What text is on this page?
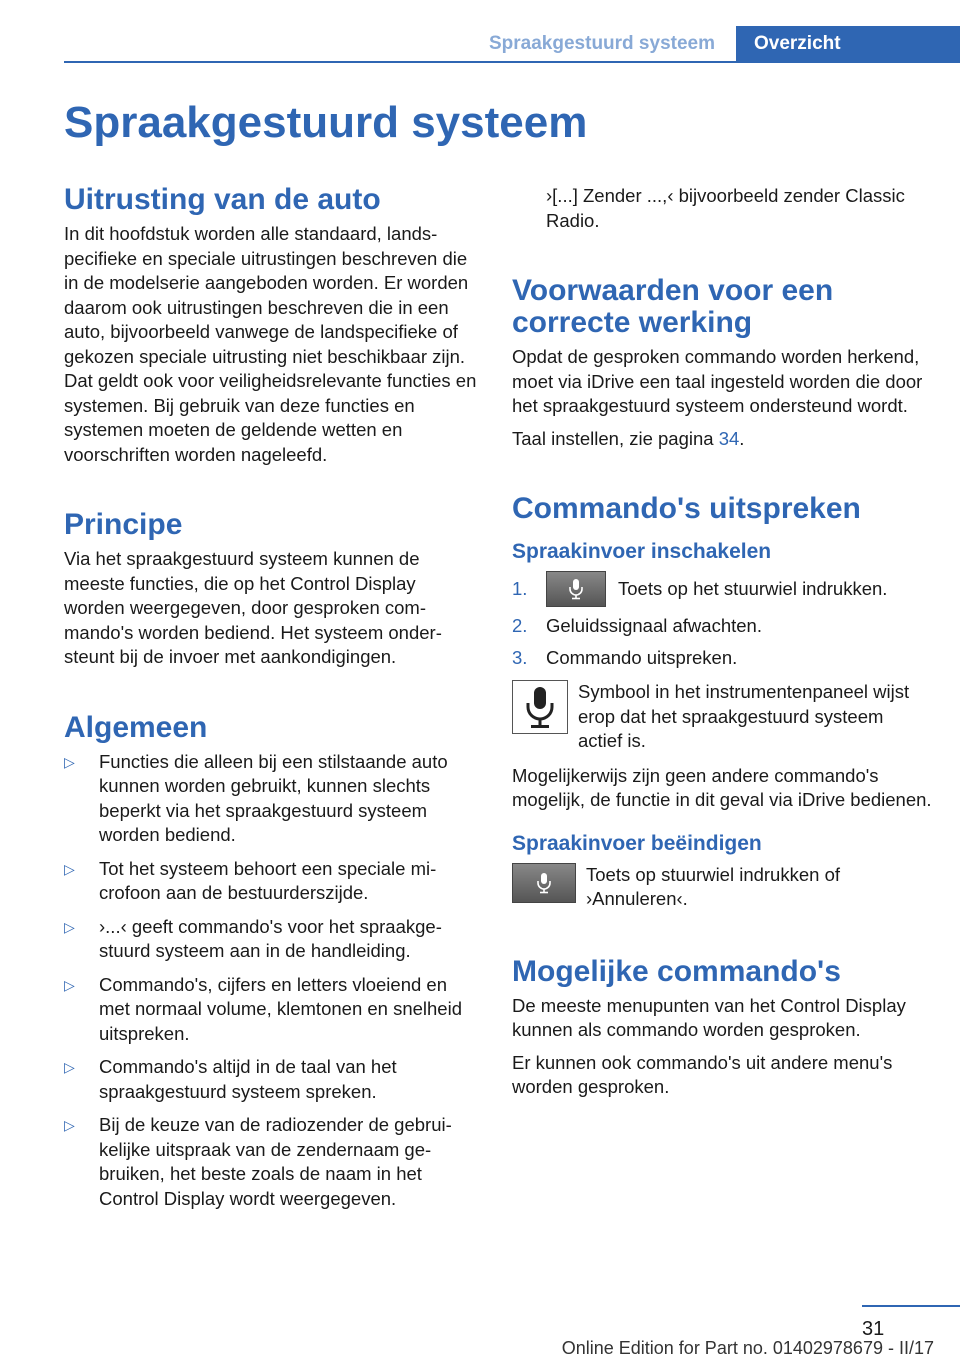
Spraakgestuurd systeem	Overzicht
Spraakgestuurd systeem
Uitrusting van de auto

In dit hoofdstuk worden alle standaard, landspecifieke en speciale uitrustingen beschreven die in de modelserie aangeboden worden. Er worden daarom ook uitrustingen beschreven die in een auto, bijvoorbeeld vanwege de landspecifieke of gekozen speciale uitrusting niet beschikbaar zijn. Dat geldt ook voor veiligheidsrelevante functies en systemen. Bij gebruik van deze functies en systemen moeten de geldende wetten en voorschriften worden nageleefd.

Principe

Via het spraakgestuurd systeem kunnen de meeste functies, die op het Control Display worden weergegeven, door gesproken commando's worden bediend. Het systeem ondersteunt bij de invoer met aankondigingen.

Algemeen
▷ Functies die alleen bij een stilstaande auto kunnen worden gebruikt, kunnen slechts beperkt via het spraakgestuurd systeem worden bediend.
▷ Tot het systeem behoort een speciale microfoon aan de bestuurderszijde.
▷ ›...‹ geeft commando's voor het spraakgestuurd systeem aan in de handleiding.
▷ Commando's, cijfers en letters vloeiend en met normaal volume, klemtonen en snelheid uitspreken.
▷ Commando's altijd in de taal van het spraakgestuurd systeem spreken.
▷ Bij de keuze van de radiozender de gebruikelijke uitspraak van de zendernaam gebruiken, het beste zoals de naam in het Control Display wordt weergegeven.

›[...] Zender ...,‹ bijvoorbeeld zender Classic Radio.

Voorwaarden voor een correcte werking

Opdat de gesproken commando worden herkend, moet via iDrive een taal ingesteld worden die door het spraakgestuurd systeem ondersteund wordt.

Taal instellen, zie pagina 34.

Commando's uitspreken
Spraakinvoer inschakelen
1.	Toets op het stuurwiel indrukken.
2. Geluidssignaal afwachten.
3. Commando uitspreken.
Symbool in het instrumentenpaneel wijst erop dat het spraakgestuurd systeem actief is.

Mogelijkerwijs zijn geen andere commando's mogelijk, de functie in dit geval via iDrive bedienen.

Spraakinvoer beëindigen
Toets op stuurwiel indrukken of ›Annuleren‹.
Mogelijke commando's

De meeste menupunten van het Control Display kunnen als commando worden gesproken.

Er kunnen ook commando's uit andere menu's worden gesproken.

31
Online Edition for Part no. 01402978679 - II/17
